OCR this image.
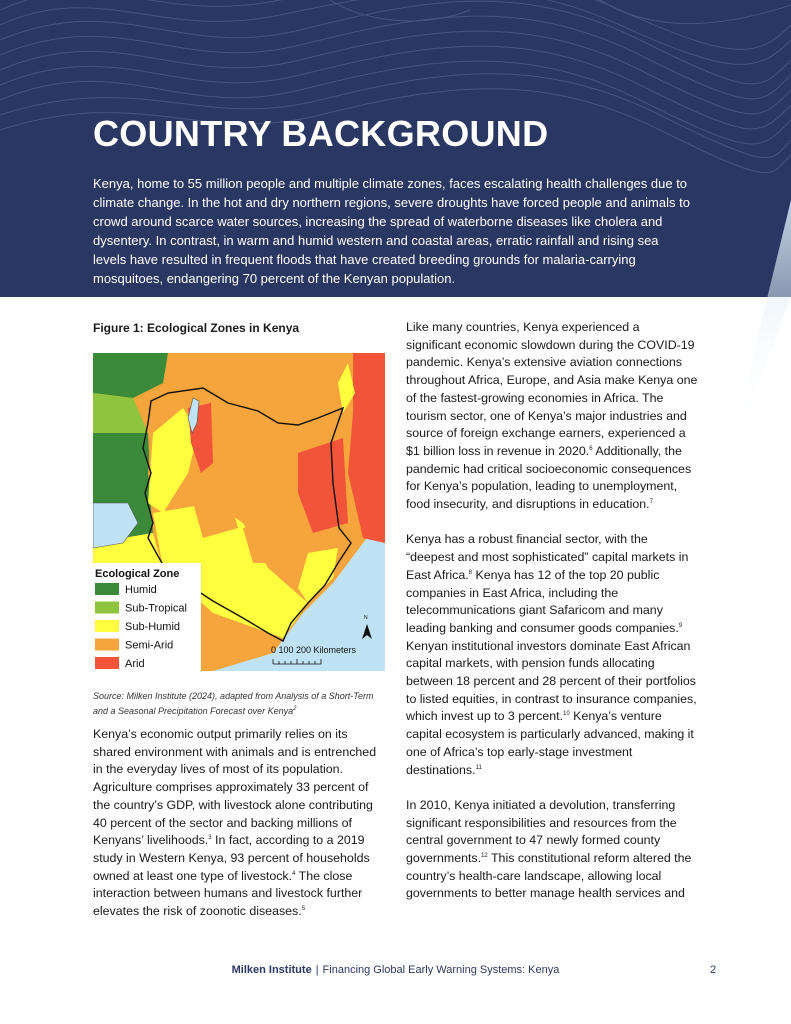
COUNTRY BACKGROUND

Kenya, home to 55 million people and multiple climate zones, faces escalating health challenges due to climate change. In the hot and dry northern regions, severe droughts have forced people and animals to crowd around scarce water sources, increasing the spread of waterborne diseases like cholera and dysentery. In contrast, in warm and humid western and coastal areas, erratic rainfall and rising sea levels have resulted in frequent floods that have created breeding grounds for malaria-carrying mosquitoes, endangering 70 percent of the Kenyan population.

Figure 1: Ecological Zones in Kenya

Ecological Zone
Humid
Sub-Tropical
Sub-Humid
Semi-Arid
Arid
N
0 100 200 Kilometers
Source: Milken Institute (2024), adapted from Analysis of a Short-Term and a Seasonal Precipitation Forecast over Kenya$^2$

Kenya’s economic output primarily relies on its shared environment with animals and is entrenched in the everyday lives of most of its population. Agriculture comprises approximately 33 percent of the country’s GDP, with livestock alone contributing 40 percent of the sector and backing millions of Kenyans’ livelihoods.$^3$ In fact, according to a 2019 study in Western Kenya, 93 percent of households owned at least one type of livestock.$^4$ The close interaction between humans and livestock further elevates the risk of zoonotic diseases.$^5$

Like many countries, Kenya experienced a significant economic slowdown during the COVID-19 pandemic. Kenya’s extensive aviation connections throughout Africa, Europe, and Asia make Kenya one of the fastest-growing economies in Africa. The tourism sector, one of Kenya’s major industries and source of foreign exchange earners, experienced a $1 billion loss in revenue in 2020.$^6$ Additionally, the pandemic had critical socioeconomic consequences for Kenya’s population, leading to unemployment, food insecurity, and disruptions in education.$^7$

Kenya has a robust financial sector, with the “deepest and most sophisticated” capital markets in East Africa.$^8$ Kenya has 12 of the top 20 public companies in East Africa, including the telecommunications giant Safaricom and many leading banking and consumer goods companies.$^9$ Kenyan institutional investors dominate East African capital markets, with pension funds allocating between 18 percent and 28 percent of their portfolios to listed equities, in contrast to insurance companies, which invest up to 3 percent.$^{10}$ Kenya’s venture capital ecosystem is particularly advanced, making it one of Africa’s top early-stage investment destinations.$^{11}$

In 2010, Kenya initiated a devolution, transferring significant responsibilities and resources from the central government to 47 newly formed county governments.$^{12}$ This constitutional reform altered the country’s health-care landscape, allowing local governments to better manage health services and

Milken Institute | Financing Global Early Warning Systems: Kenya	2
